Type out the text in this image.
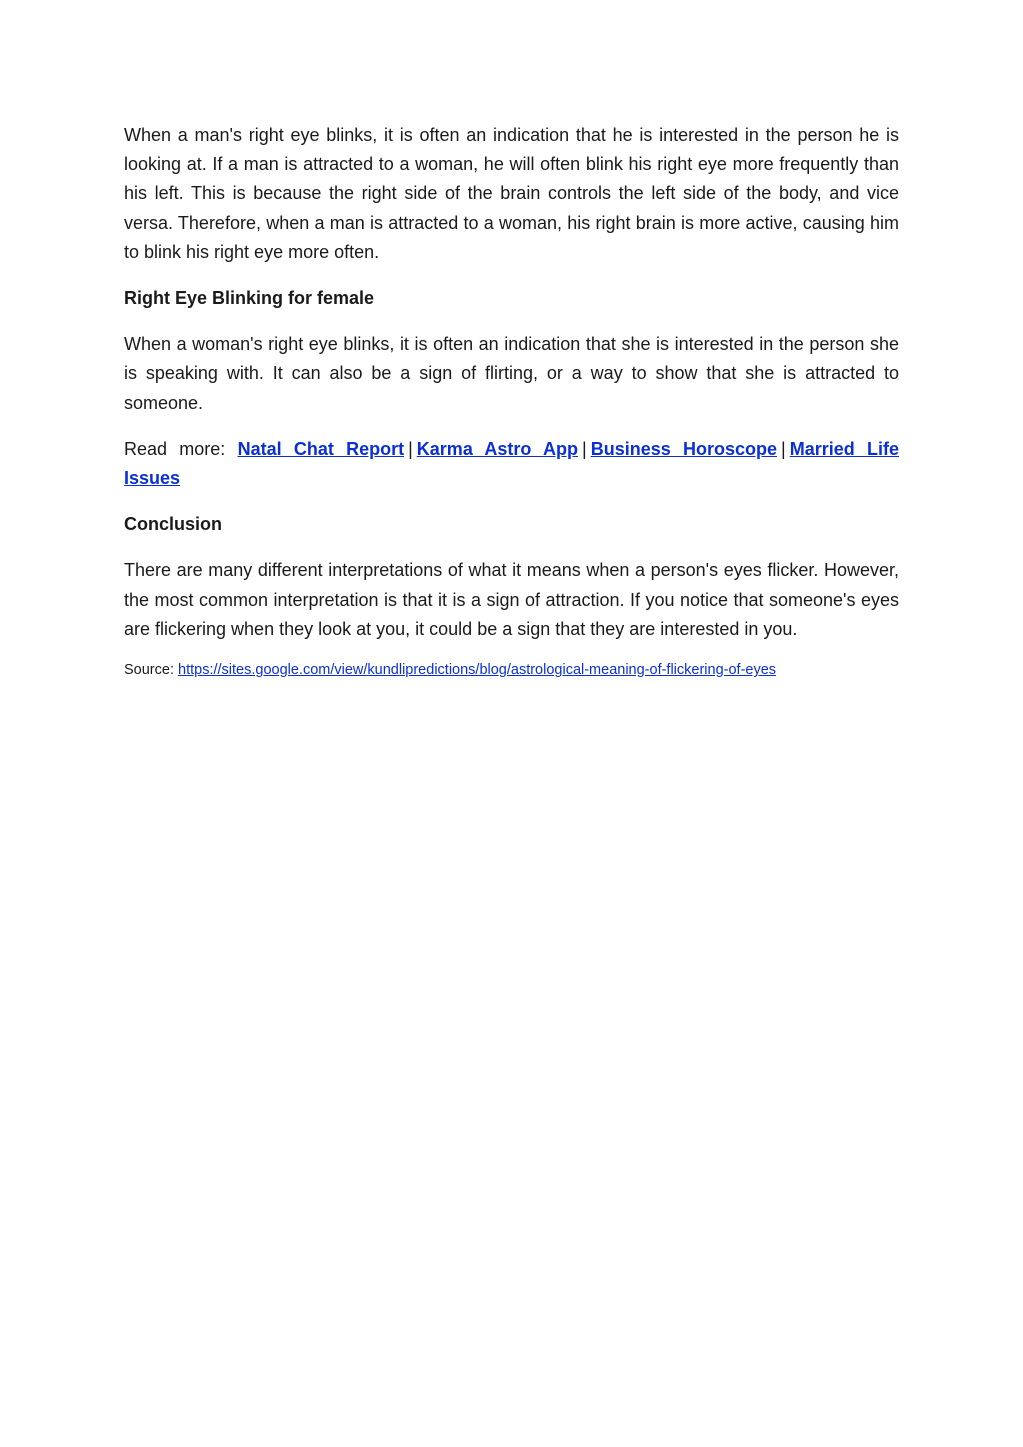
When a man's right eye blinks, it is often an indication that he is interested in the person he is looking at. If a man is attracted to a woman, he will often blink his right eye more frequently than his left. This is because the right side of the brain controls the left side of the body, and vice versa. Therefore, when a man is attracted to a woman, his right brain is more active, causing him to blink his right eye more often.

Right Eye Blinking for female

When a woman's right eye blinks, it is often an indication that she is interested in the person she is speaking with. It can also be a sign of flirting, or a way to show that she is attracted to someone.

Read more: Natal Chat Report | Karma Astro App | Business Horoscope | Married Life Issues

Conclusion

There are many different interpretations of what it means when a person's eyes flicker. However, the most common interpretation is that it is a sign of attraction. If you notice that someone's eyes are flickering when they look at you, it could be a sign that they are interested in you.

Source: https://sites.google.com/view/kundlipredictions/blog/astrological-meaning-of-flickering-of-eyes
